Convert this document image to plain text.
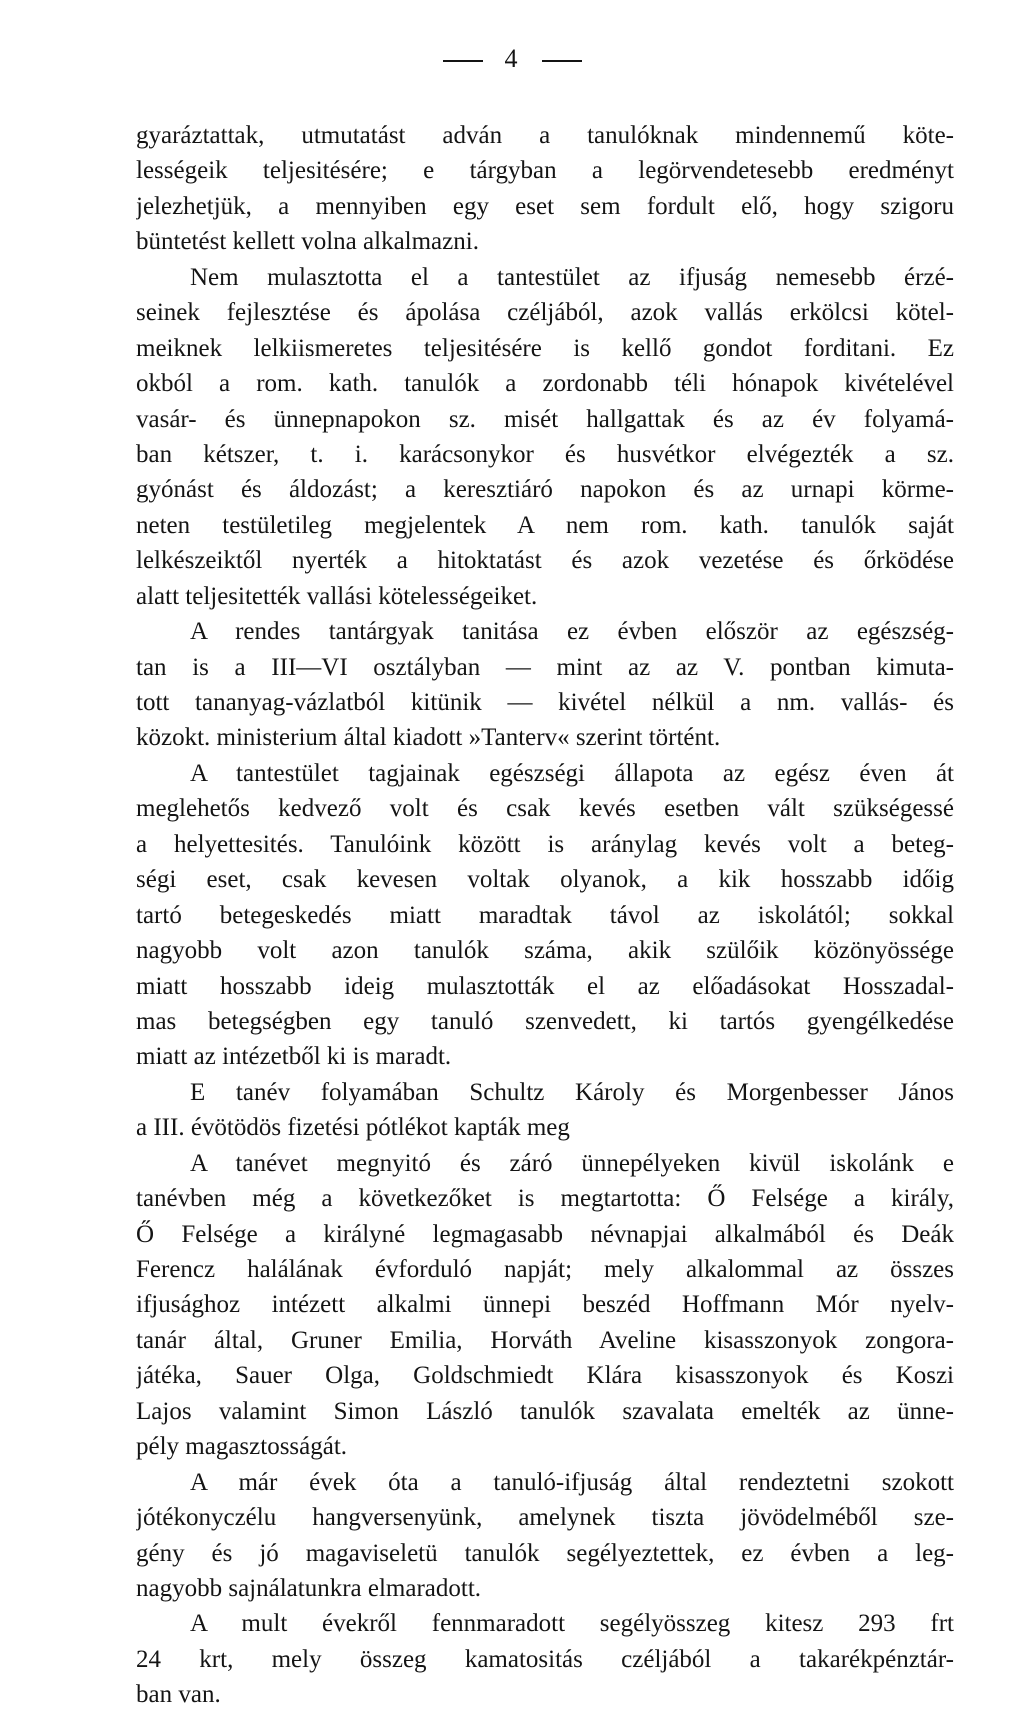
4
gyaráztattak, utmutatást adván a tanulóknak mindennemű köte-
lességeik teljesitésére; e tárgyban a legörvendetesebb eredményt
jelezhetjük, a mennyiben egy eset sem fordult elő, hogy szigoru
büntetést kellett volna alkalmazni.
Nem mulasztotta el a tantestület az ifjuság nemesebb érzé-
seinek fejlesztése és ápolása czéljából, azok vallás erkölcsi kötel-
meiknek lelkiismeretes teljesitésére is kellő gondot forditani. Ez
okból a rom. kath. tanulók a zordonabb téli hónapok kivételével
vasár- és ünnepnapokon sz. misét hallgattak és az év folyamá-
ban kétszer, t. i. karácsonykor és husvétkor elvégezték a sz.
gyónást és áldozást; a keresztiáró napokon és az urnapi körme-
neten testületileg megjelentek A nem rom. kath. tanulók saját
lelkészeiktől nyerték a hitoktatást és azok vezetése és őrködése
alatt teljesitették vallási kötelességeiket.
A rendes tantárgyak tanitása ez évben először az egészség-
tan is a III—VI osztályban — mint az az V. pontban kimuta-
tott tananyag-vázlatból kitünik — kivétel nélkül a nm. vallás- és
közokt. ministerium által kiadott »Tanterv« szerint történt.
A tantestület tagjainak egészségi állapota az egész éven át
meglehetős kedvező volt és csak kevés esetben vált szükségessé
a helyettesités. Tanulóink között is aránylag kevés volt a beteg-
ségi eset, csak kevesen voltak olyanok, a kik hosszabb időig
tartó betegeskedés miatt maradtak távol az iskolától; sokkal
nagyobb volt azon tanulók száma, akik szülőik közönyössége
miatt hosszabb ideig mulasztották el az előadásokat Hosszadal-
mas betegségben egy tanuló szenvedett, ki tartós gyengélkedése
miatt az intézetből ki is maradt.
E tanév folyamában Schultz Károly és Morgenbesser János
a III. évötödös fizetési pótlékot kapták meg
A tanévet megnyitó és záró ünnepélyeken kivül iskolánk e
tanévben még a következőket is megtartotta: Ő Felsége a király,
Ő Felsége a királyné legmagasabb névnapjai alkalmából és Deák
Ferencz halálának évforduló napját; mely alkalommal az összes
ifjusághoz intézett alkalmi ünnepi beszéd Hoffmann Mór nyelv-
tanár által, Gruner Emilia, Horváth Aveline kisasszonyok zongora-
játéka, Sauer Olga, Goldschmiedt Klára kisasszonyok és Koszi
Lajos valamint Simon László tanulók szavalata emelték az ünne-
pély magasztosságát.
A már évek óta a tanuló-ifjuság által rendeztetni szokott
jótékonyczélu hangversenyünk, amelynek tiszta jövödelméből sze-
gény és jó magaviseletü tanulók segélyeztettek, ez évben a leg-
nagyobb sajnálatunkra elmaradott.
A mult évekről fennmaradott segélyösszeg kitesz 293 frt
24 krt, mely összeg kamatositás czéljából a takarékpénztár-
ban van.
